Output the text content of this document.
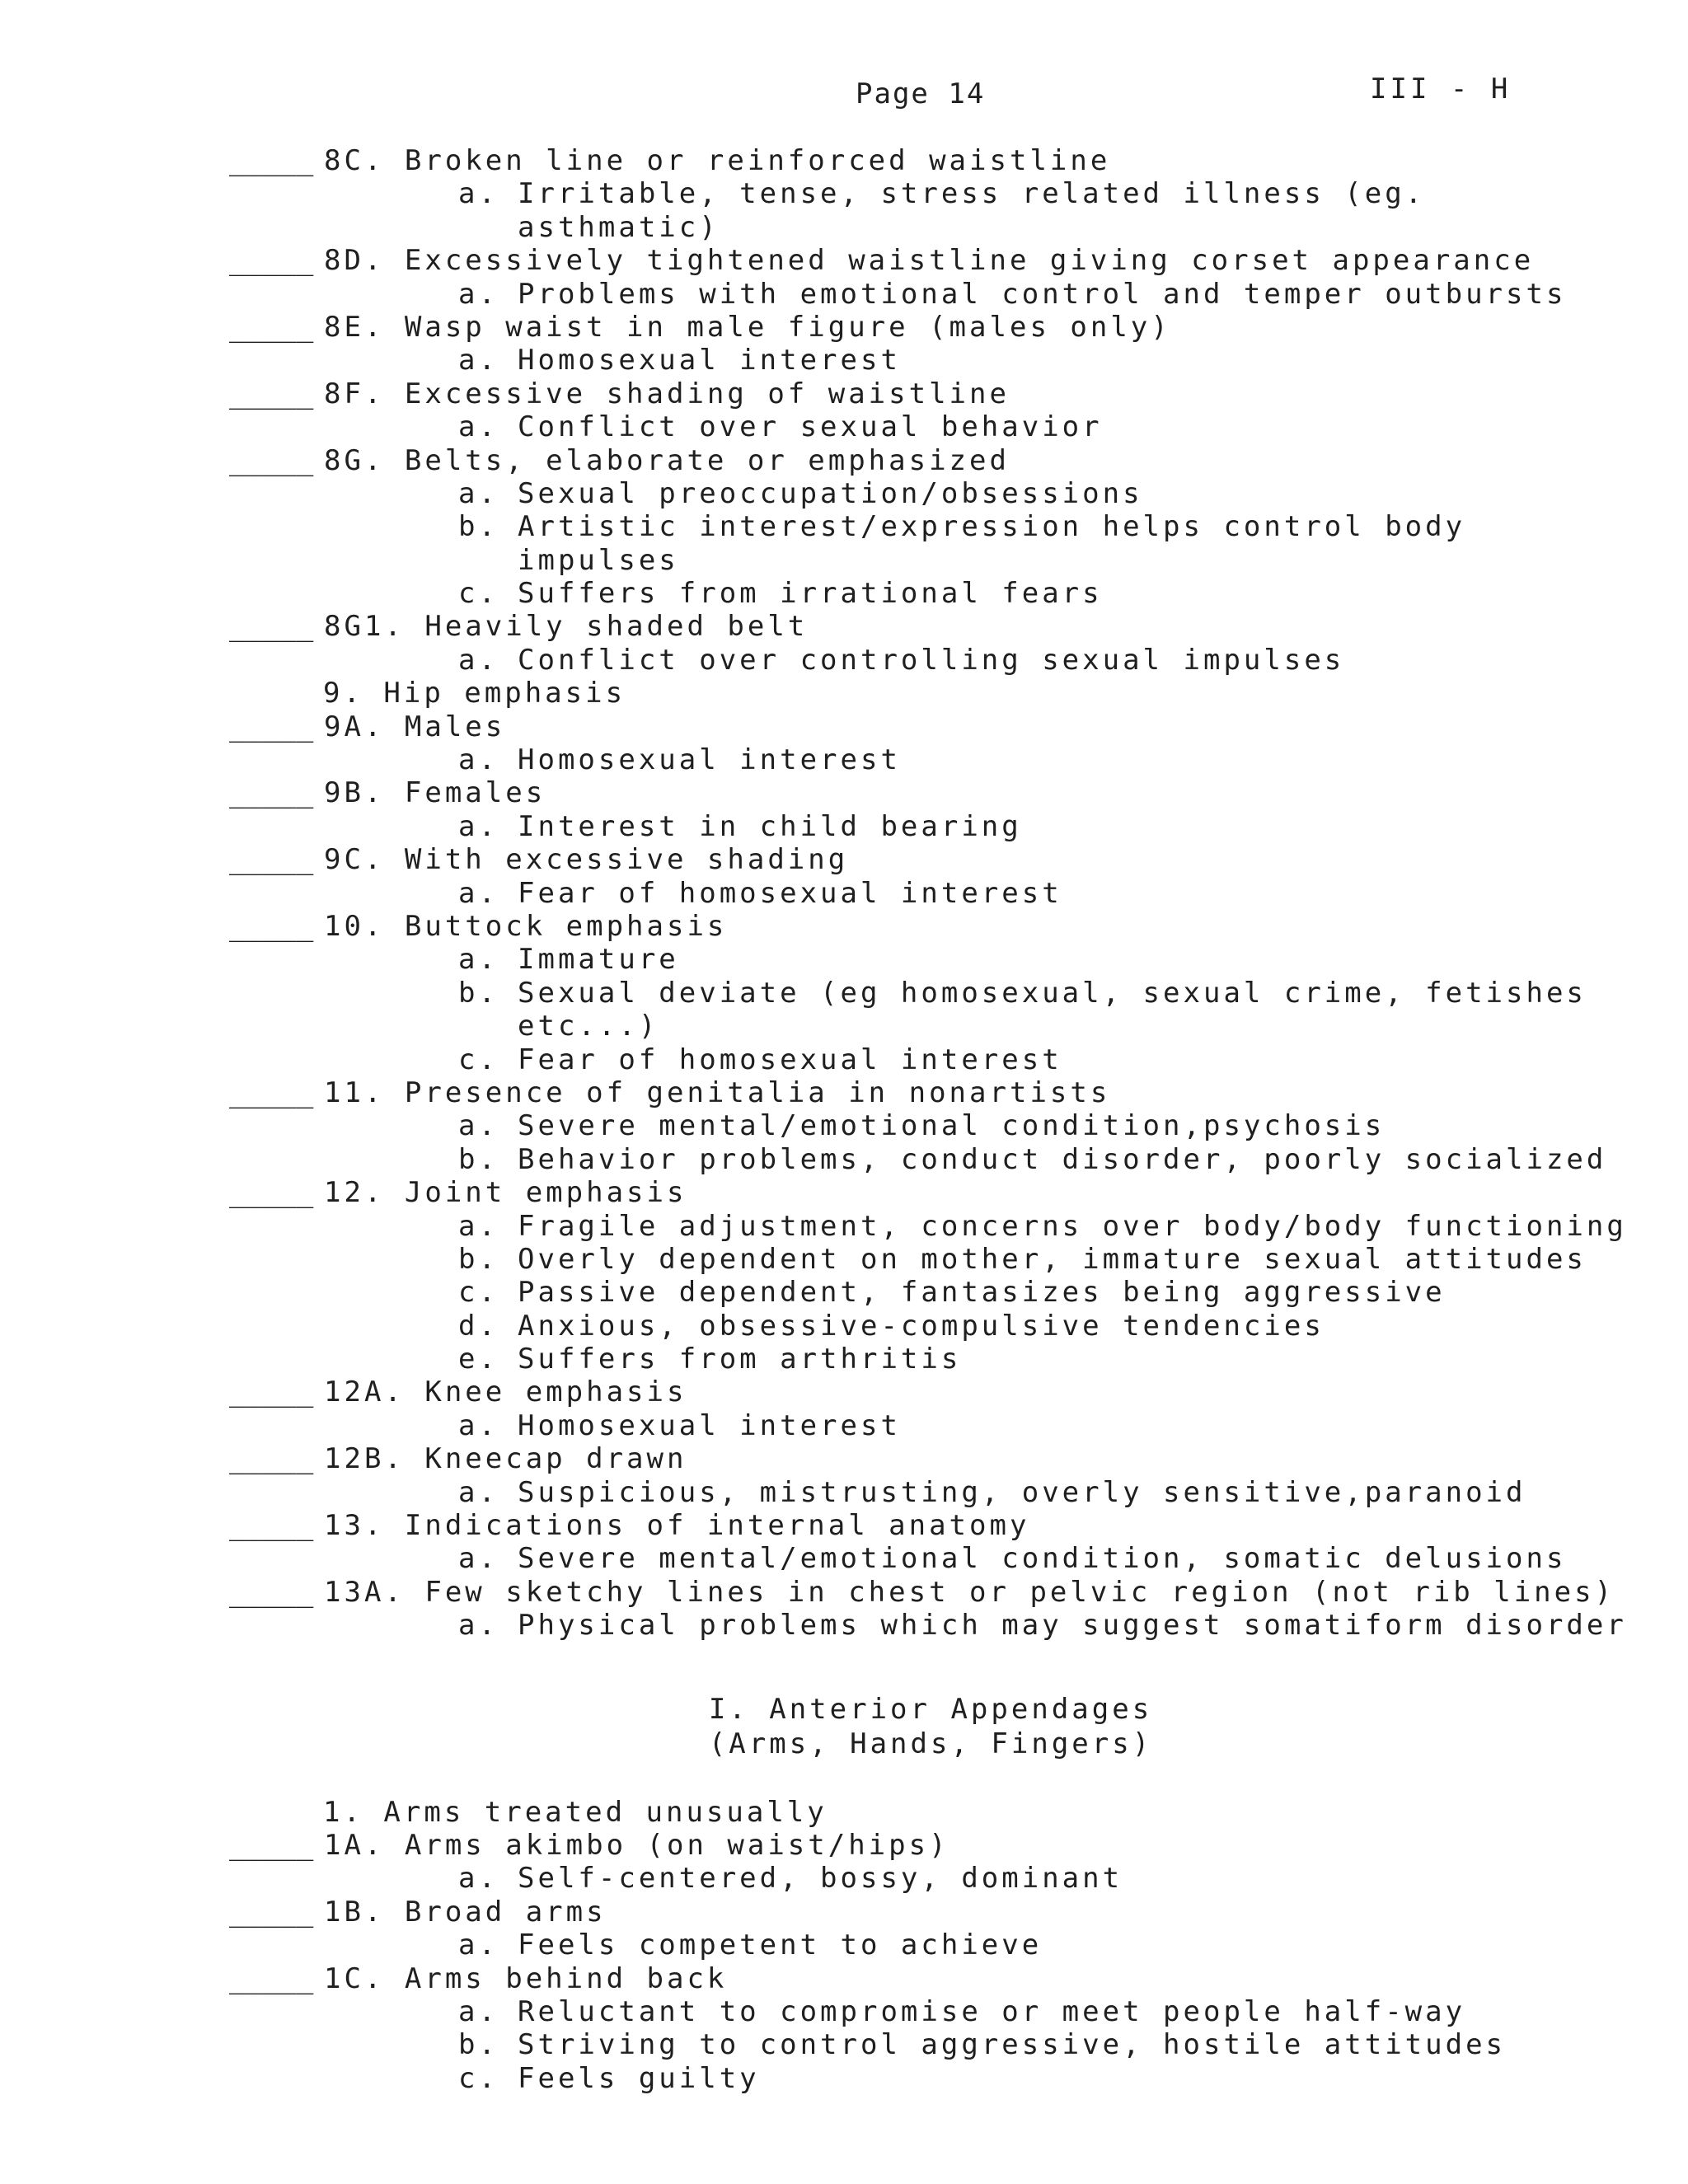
Page 14	III - H
_____ 8C. Broken line or reinforced waistline
a. Irritable, tense, stress related illness (eg.
asthmatic)
_____ 8D. Excessively tightened waistline giving corset appearance
a. Problems with emotional control and temper outbursts
_____ 8E. Wasp waist in male figure (males only)
a. Homosexual interest
_____ 8F. Excessive shading of waistline
a. Conflict over sexual behavior
_____ 8G. Belts, elaborate or emphasized
a. Sexual preoccupation/obsessions
b. Artistic interest/expression helps control body
impulses
c. Suffers from irrational fears
_____ 8G1. Heavily shaded belt
a. Conflict over controlling sexual impulses
9. Hip emphasis
_____ 9A. Males
a. Homosexual interest
_____ 9B. Females
a. Interest in child bearing
_____ 9C. With excessive shading
a. Fear of homosexual interest
_____ 10. Buttock emphasis
a. Immature
b. Sexual deviate (eg homosexual, sexual crime, fetishes
etc...)
c. Fear of homosexual interest
_____ 11. Presence of genitalia in nonartists
a. Severe mental/emotional condition,psychosis
b. Behavior problems, conduct disorder, poorly socialized
_____ 12. Joint emphasis
a. Fragile adjustment, concerns over body/body functioning
b. Overly dependent on mother, immature sexual attitudes
c. Passive dependent, fantasizes being aggressive
d. Anxious, obsessive-compulsive tendencies
e. Suffers from arthritis
_____ 12A. Knee emphasis
a. Homosexual interest
_____ 12B. Kneecap drawn
a. Suspicious, mistrusting, overly sensitive,paranoid
_____ 13. Indications of internal anatomy
a. Severe mental/emotional condition, somatic delusions
_____ 13A. Few sketchy lines in chest or pelvic region (not rib lines)
a. Physical problems which may suggest somatiform disorder
I. Anterior Appendages
(Arms, Hands, Fingers)
1. Arms treated unusually
_____ 1A. Arms akimbo (on waist/hips)
a. Self-centered, bossy, dominant
_____ 1B. Broad arms
a. Feels competent to achieve
_____ 1C. Arms behind back
a. Reluctant to compromise or meet people half-way
b. Striving to control aggressive, hostile attitudes
c. Feels guilty
